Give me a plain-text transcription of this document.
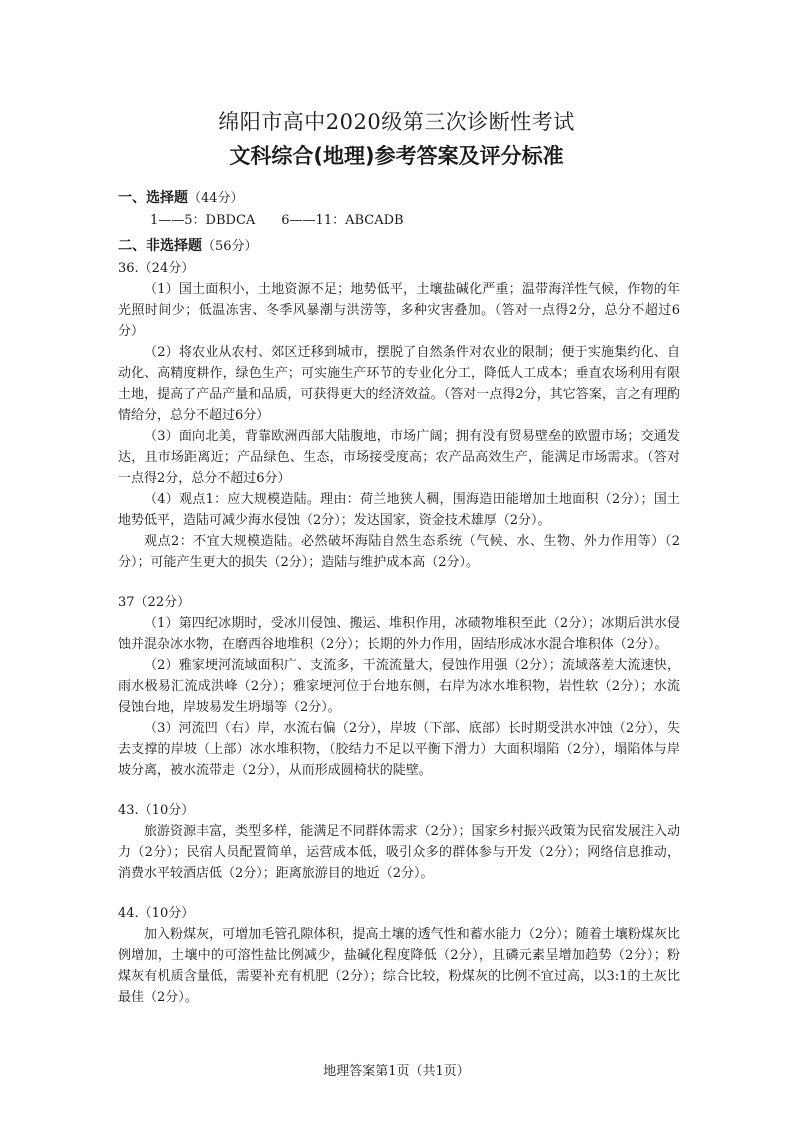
绵阳市高中2020级第三次诊断性考试
文科综合(地理)参考答案及评分标准
一、选择题（44分）
1——5：DBDCA 6——11：ABCADB
二、非选择题（56分）
36.（24分）

（1）国土面积小，土地资源不足；地势低平，土壤盐碱化严重；温带海洋性气候，作物的年光照时间少；低温冻害、冬季风暴潮与洪涝等，多种灾害叠加。（答对一点得2分，总分不超过6分）

（2）将农业从农村、郊区迁移到城市，摆脱了自然条件对农业的限制；便于实施集约化、自动化、高精度耕作，绿色生产；可实施生产环节的专业化分工，降低人工成本；垂直农场利用有限土地，提高了产品产量和品质，可获得更大的经济效益。（答对一点得2分，其它答案，言之有理酌情给分，总分不超过6分）

（3）面向北美，背靠欧洲西部大陆腹地，市场广阔；拥有没有贸易壁垒的欧盟市场；交通发达，且市场距离近；产品绿色、生态，市场接受度高；农产品高效生产，能满足市场需求。（答对一点得2分，总分不超过6分）

（4）观点1：应大规模造陆。理由：荷兰地狭人稠，围海造田能增加土地面积（2分）；国土地势低平，造陆可减少海水侵蚀（2分）；发达国家，资金技术雄厚（2分）。

观点2：不宜大规模造陆。必然破坏海陆自然生态系统（气候、水、生物、外力作用等）（2分）；可能产生更大的损失（2分）；造陆与维护成本高（2分）。

37（22分）

（1）第四纪冰期时，受冰川侵蚀、搬运、堆积作用，冰碛物堆积至此（2分）；冰期后洪水侵蚀并混杂冰水物，在磨西谷地堆积（2分）；长期的外力作用，固结形成冰水混合堆积体（2分）。

（2）雅家埂河流域面积广、支流多，干流流量大，侵蚀作用强（2分）；流域落差大流速快，雨水极易汇流成洪峰（2分）；雅家埂河位于台地东侧，右岸为冰水堆积物，岩性软（2分）；水流侵蚀台地，岸坡易发生坍塌等（2分）。

（3）河流凹（右）岸，水流右偏（2分），岸坡（下部、底部）长时期受洪水冲蚀（2分），失去支撑的岸坡（上部）冰水堆积物，（胶结力不足以平衡下滑力）大面积塌陷（2分），塌陷体与岸坡分离，被水流带走（2分），从而形成圆椅状的陡壁。

43.（10分）

旅游资源丰富，类型多样，能满足不同群体需求（2分）；国家乡村振兴政策为民宿发展注入动力（2分）；民宿人员配置简单，运营成本低，吸引众多的群体参与开发（2分）；网络信息推动，消费水平较酒店低（2分）；距离旅游目的地近（2分）。

44.（10分）

加入粉煤灰，可增加毛管孔隙体积，提高土壤的透气性和蓄水能力（2分）；随着土壤粉煤灰比例增加，土壤中的可溶性盐比例减少，盐碱化程度降低（2分），且磷元素呈增加趋势（2分）；粉煤灰有机质含量低，需要补充有机肥（2分）；综合比较，粉煤灰的比例不宜过高，以3:1的土灰比最佳（2分）。

地理答案第1页（共1页）
